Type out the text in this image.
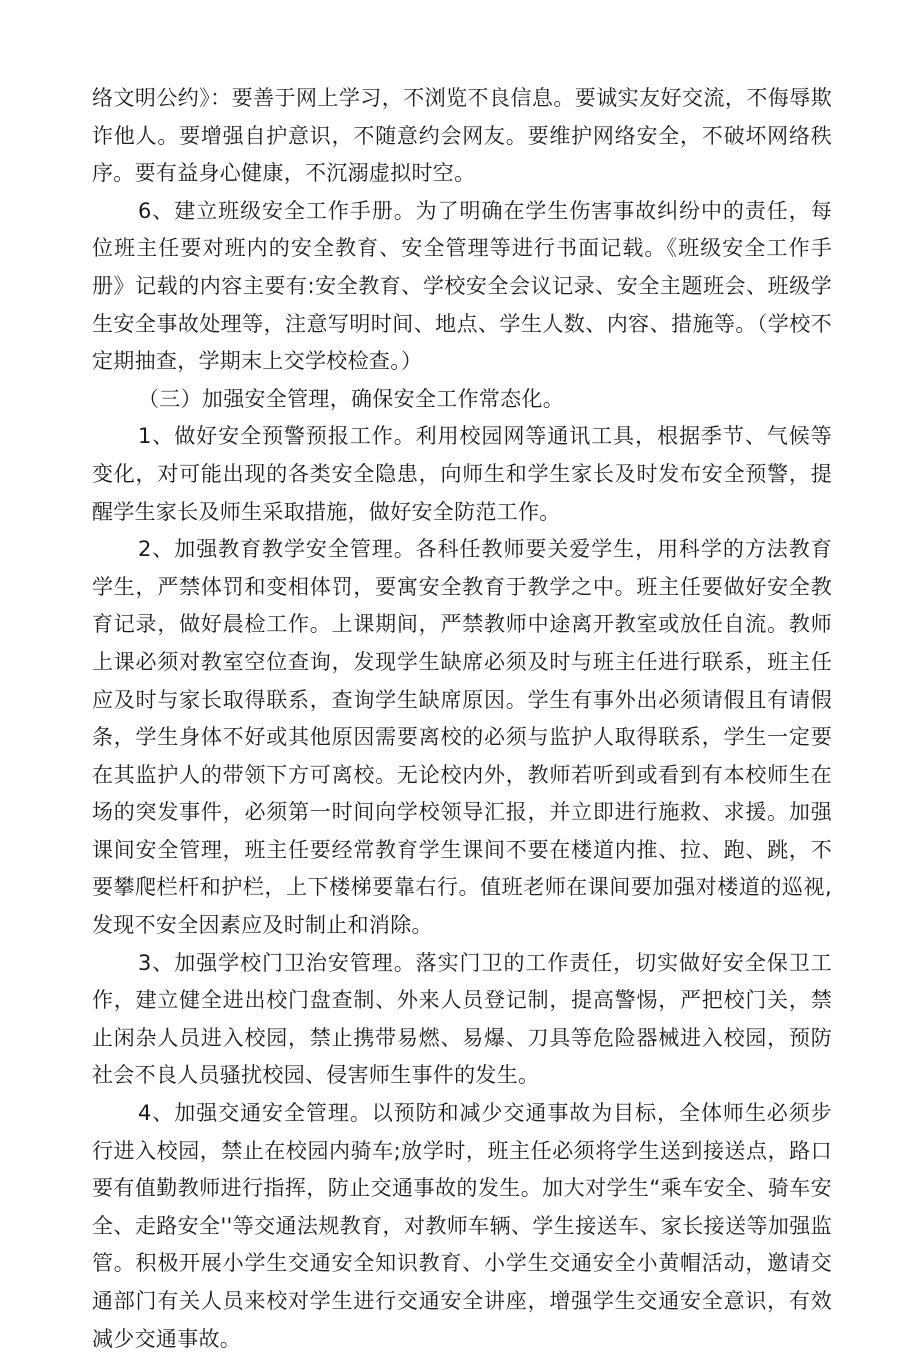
络文明公约》：要善于网上学习，不浏览不良信息。要诚实友好交流，不侮辱欺诈他人。要增强自护意识，不随意约会网友。要维护网络安全，不破坏网络秩序。要有益身心健康，不沉溺虚拟时空。

6、建立班级安全工作手册。为了明确在学生伤害事故纠纷中的责任，每位班主任要对班内的安全教育、安全管理等进行书面记载。《班级安全工作手册》记载的内容主要有:安全教育、学校安全会议记录、安全主题班会、班级学生安全事故处理等，注意写明时间、地点、学生人数、内容、措施等。（学校不定期抽查，学期末上交学校检查。）

（三）加强安全管理，确保安全工作常态化。

1、做好安全预警预报工作。利用校园网等通讯工具，根据季节、气候等变化，对可能出现的各类安全隐患，向师生和学生家长及时发布安全预警，提醒学生家长及师生采取措施，做好安全防范工作。

2、加强教育教学安全管理。各科任教师要关爱学生，用科学的方法教育学生，严禁体罚和变相体罚，要寓安全教育于教学之中。班主任要做好安全教育记录，做好晨检工作。上课期间，严禁教师中途离开教室或放任自流。教师上课必须对教室空位查询，发现学生缺席必须及时与班主任进行联系，班主任应及时与家长取得联系，查询学生缺席原因。学生有事外出必须请假且有请假条，学生身体不好或其他原因需要离校的必须与监护人取得联系，学生一定要在其监护人的带领下方可离校。无论校内外，教师若听到或看到有本校师生在场的突发事件，必须第一时间向学校领导汇报，并立即进行施救、求援。加强课间安全管理，班主任要经常教育学生课间不要在楼道内推、拉、跑、跳，不要攀爬栏杆和护栏，上下楼梯要靠右行。值班老师在课间要加强对楼道的巡视,发现不安全因素应及时制止和消除。

3、加强学校门卫治安管理。落实门卫的工作责任，切实做好安全保卫工作，建立健全进出校门盘查制、外来人员登记制，提高警惕，严把校门关，禁止闲杂人员进入校园，禁止携带易燃、易爆、刀具等危险器械进入校园，预防社会不良人员骚扰校园、侵害师生事件的发生。

4、加强交通安全管理。以预防和减少交通事故为目标，全体师生必须步行进入校园，禁止在校园内骑车;放学时，班主任必须将学生送到接送点，路口要有值勤教师进行指挥，防止交通事故的发生。加大对学生“乘车安全、骑车安全、走路安全''等交通法规教育，对教师车辆、学生接送车、家长接送等加强监管。积极开展小学生交通安全知识教育、小学生交通安全小黄帽活动，邀请交通部门有关人员来校对学生进行交通安全讲座，增强学生交通安全意识，有效减少交通事故。
